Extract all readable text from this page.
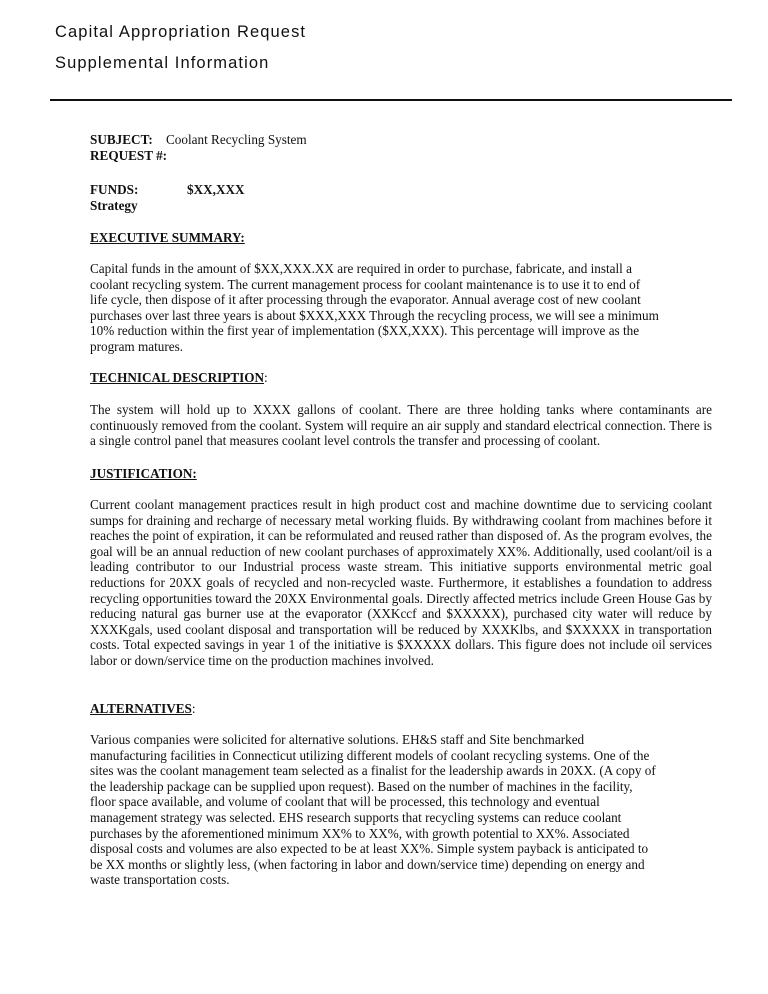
Capital Appropriation Request
Supplemental Information
SUBJECT: Coolant Recycling System
REQUEST #:
FUNDS:	$XX,XXX
Strategy
EXECUTIVE SUMMARY:
Capital funds in the amount of $XX,XXX.XX are required in order to purchase, fabricate, and install a
coolant recycling system. The current management process for coolant maintenance is to use it to end of
life cycle, then dispose of it after processing through the evaporator. Annual average cost of new coolant
purchases over last three years is about $XXX,XXX Through the recycling process, we will see a minimum
10% reduction within the first year of implementation ($XX,XXX). This percentage will improve as the
program matures.
TECHNICAL DESCRIPTION:
The system will hold up to XXXX gallons of coolant. There are three holding tanks where contaminants are continuously removed from the coolant. System will require an air supply and standard electrical connection. There is a single control panel that measures coolant level controls the transfer and processing of coolant.
JUSTIFICATION:
Current coolant management practices result in high product cost and machine downtime due to servicing coolant sumps for draining and recharge of necessary metal working fluids. By withdrawing coolant from machines before it reaches the point of expiration, it can be reformulated and reused rather than disposed of. As the program evolves, the goal will be an annual reduction of new coolant purchases of approximately XX%. Additionally, used coolant/oil is a leading contributor to our Industrial process waste stream. This initiative supports environmental metric goal reductions for 20XX goals of recycled and non-recycled waste. Furthermore, it establishes a foundation to address recycling opportunities toward the 20XX Environmental goals. Directly affected metrics include Green House Gas by reducing natural gas burner use at the evaporator (XXKccf and $XXXXX), purchased city water will reduce by XXXKgals, used coolant disposal and transportation will be reduced by XXXKlbs, and $XXXXX in transportation costs. Total expected savings in year 1 of the initiative is $XXXXX dollars. This figure does not include oil services labor or down/service time on the production machines involved.
ALTERNATIVES:
Various companies were solicited for alternative solutions. EH&S staff and Site benchmarked
manufacturing facilities in Connecticut utilizing different models of coolant recycling systems. One of the
sites was the coolant management team selected as a finalist for the leadership awards in 20XX. (A copy of
the leadership package can be supplied upon request). Based on the number of machines in the facility,
floor space available, and volume of coolant that will be processed, this technology and eventual
management strategy was selected. EHS research supports that recycling systems can reduce coolant
purchases by the aforementioned minimum XX% to XX%, with growth potential to XX%. Associated
disposal costs and volumes are also expected to be at least XX%. Simple system payback is anticipated to
be XX months or slightly less, (when factoring in labor and down/service time) depending on energy and
waste transportation costs.
